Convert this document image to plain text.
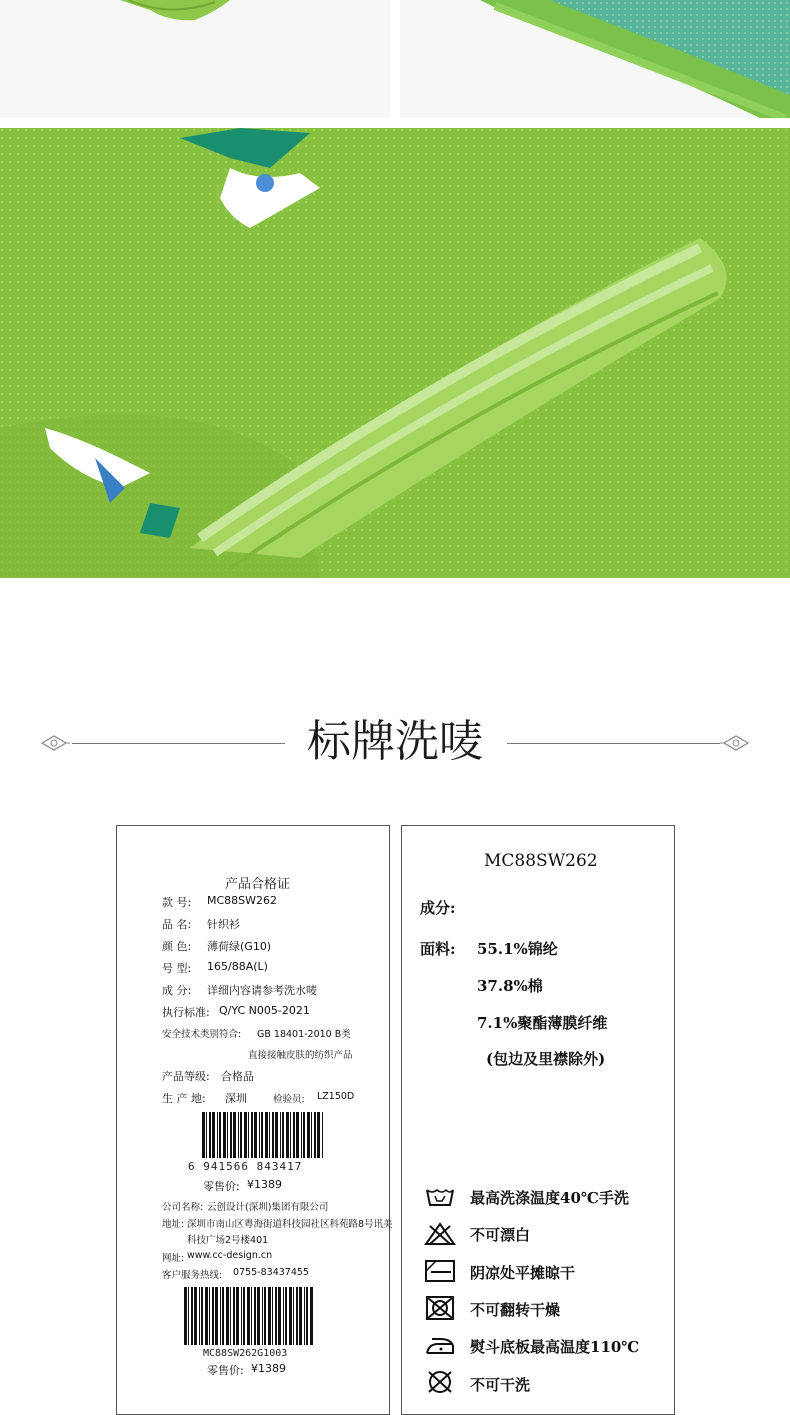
标牌洗唛
产品合格证
款 号: MC88SW262
品 名: 针织衫
颜 色: 薄荷绿(G10)
号 型: 165/88A(L)
成 分: 详细内容请参考洗水唛
执行标准: Q/YC N005-2021
安全技术类别符合: GB 18401-2010 B类
直接接触皮肤的纺织产品
产品等级: 合格品
生 产 地: 深圳	检验员: LZ150D
6 941566 843417
零售价: ¥1389
公司名称: 云创设计(深圳)集团有限公司
地址: 深圳市南山区粤海街道科技园社区科苑路8号讯美
科技广场2号楼401
网址: www.cc-design.cn
客户服务热线: 0755-83437455
MC88SW262G1003
零售价: ¥1389
MC88SW262
成分:
面料: 55.1%锦纶
37.8%棉
7.1%聚酯薄膜纤维
(包边及里襟除外)
最高洗涤温度40℃手洗
不可漂白
阴凉处平摊晾干
不可翻转干燥
熨斗底板最高温度110℃
不可干洗
